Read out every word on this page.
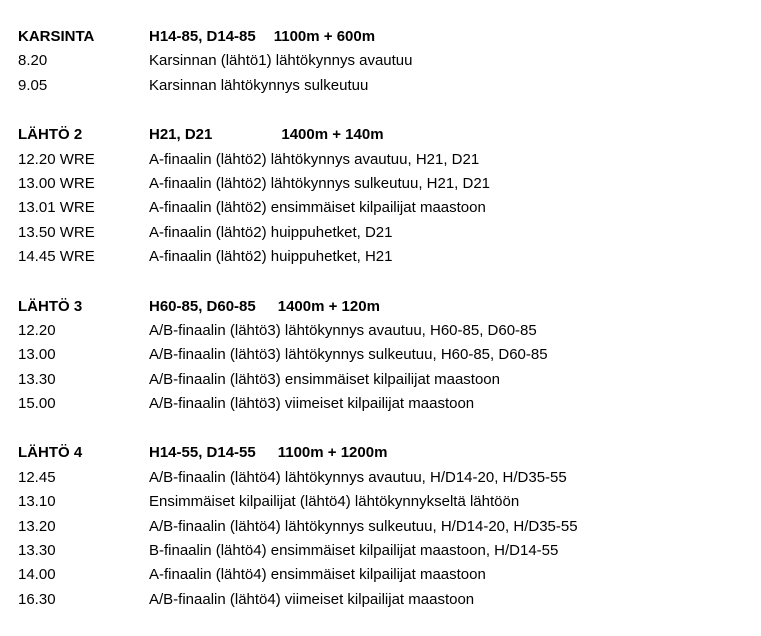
KARSINTA	H14-85, D14-85 1100m + 600m
8.20	Karsinnan (lähtö1) lähtökynnys avautuu
9.05	Karsinnan lähtökynnys sulkeutuu
LÄHTÖ 2	H21, D21	1400m + 140m
12.20 WRE	A-finaalin (lähtö2) lähtökynnys avautuu, H21, D21
13.00 WRE	A-finaalin (lähtö2) lähtökynnys sulkeutuu, H21, D21
13.01 WRE	A-finaalin (lähtö2) ensimmäiset kilpailijat maastoon
13.50 WRE	A-finaalin (lähtö2) huippuhetket, D21
14.45 WRE	A-finaalin (lähtö2) huippuhetket, H21
LÄHTÖ 3	H60-85, D60-85 1400m + 120m
12.20	A/B-finaalin (lähtö3) lähtökynnys avautuu, H60-85, D60-85
13.00	A/B-finaalin (lähtö3) lähtökynnys sulkeutuu, H60-85, D60-85
13.30	A/B-finaalin (lähtö3) ensimmäiset kilpailijat maastoon
15.00	A/B-finaalin (lähtö3) viimeiset kilpailijat maastoon
LÄHTÖ 4	H14-55, D14-55 1100m + 1200m
12.45	A/B-finaalin (lähtö4) lähtökynnys avautuu, H/D14-20, H/D35-55
13.10	Ensimmäiset kilpailijat (lähtö4) lähtökynnykseltä lähtöön
13.20	A/B-finaalin (lähtö4) lähtökynnys sulkeutuu, H/D14-20, H/D35-55
13.30	B-finaalin (lähtö4) ensimmäiset kilpailijat maastoon, H/D14-55
14.00	A-finaalin (lähtö4) ensimmäiset kilpailijat maastoon
16.30	A/B-finaalin (lähtö4) viimeiset kilpailijat maastoon
